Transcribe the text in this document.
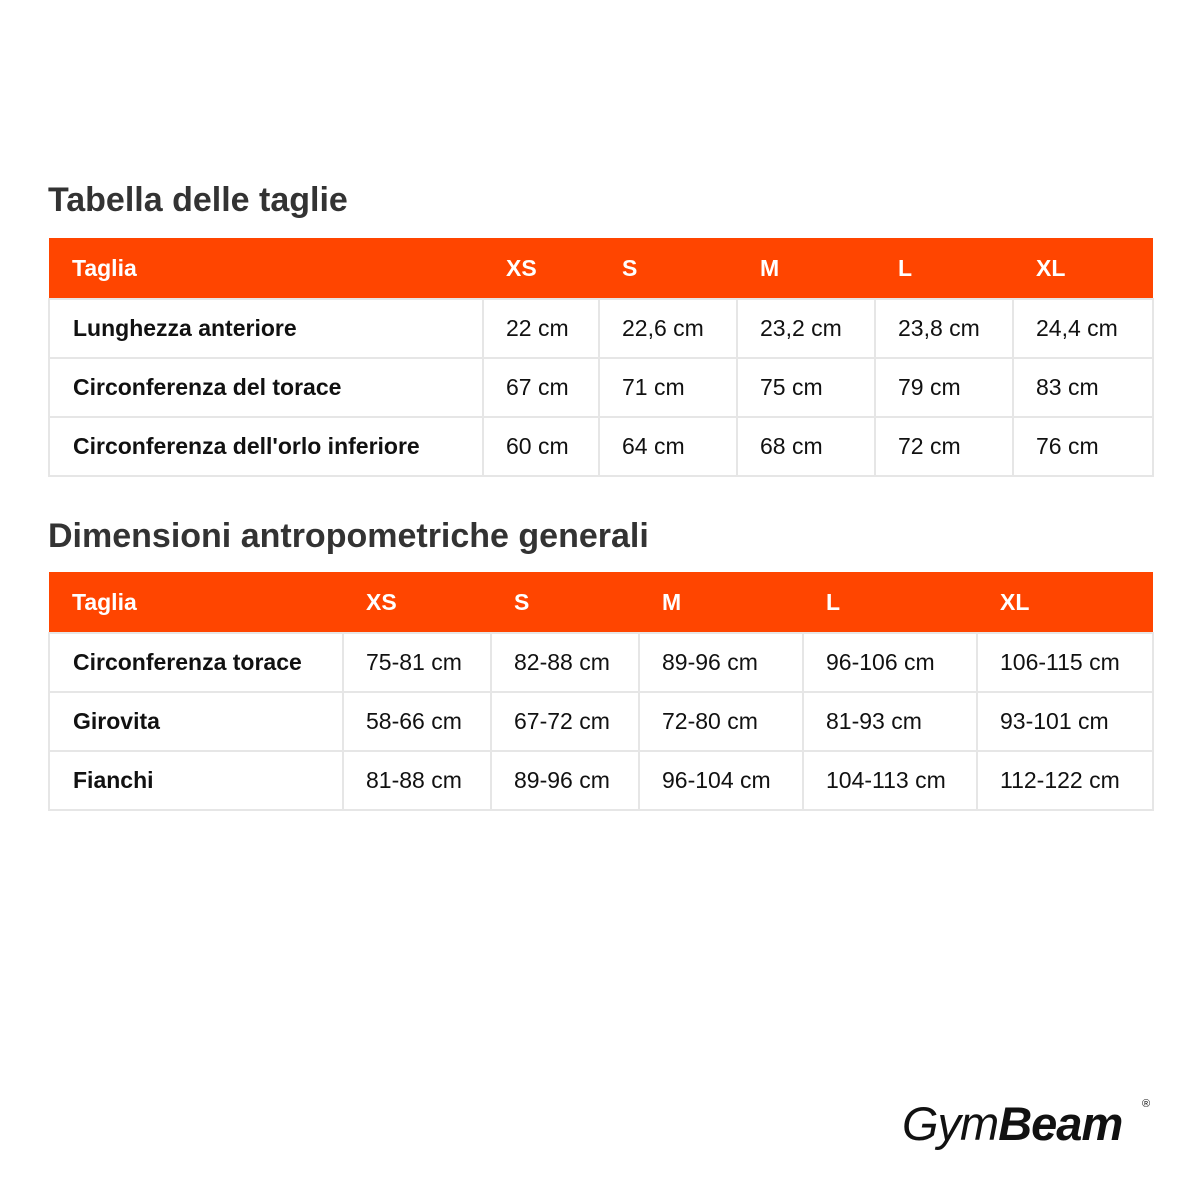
Tabella delle taglie
Taglia	XS	S	M	L	XL
Lunghezza anteriore	22 cm	22,6 cm	23,2 cm	23,8 cm	24,4 cm
Circonferenza del torace	67 cm	71 cm	75 cm	79 cm	83 cm
Circonferenza dell'orlo inferiore	60 cm	64 cm	68 cm	72 cm	76 cm
Dimensioni antropometriche generali
Taglia	XS	S	M	L	XL
Circonferenza torace	75-81 cm	82-88 cm	89-96 cm	96-106 cm	106-115 cm
Girovita	58-66 cm	67-72 cm	72-80 cm	81-93 cm	93-101 cm
Fianchi	81-88 cm	89-96 cm	96-104 cm	104-113 cm	112-122 cm
GymBeam ®
